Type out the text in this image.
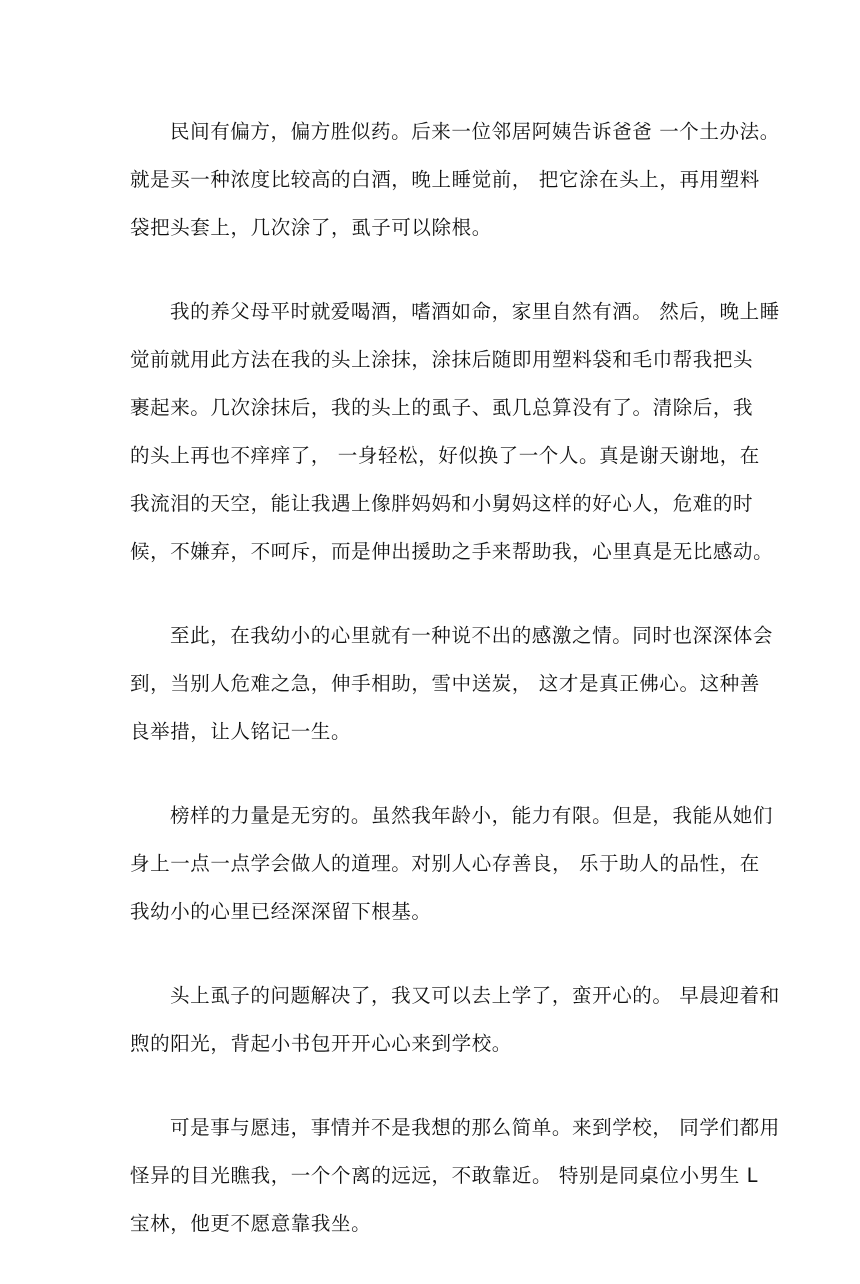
民间有偏方，偏方胜似药。后来一位邻居阿姨告诉爸爸 一个土办法。
就是买一种浓度比较高的白酒，晚上睡觉前， 把它涂在头上，再用塑料
袋把头套上，几次涂了，虱子可以除根。

我的养父母平时就爱喝酒，嗜酒如命，家里自然有酒。 然后，晚上睡
觉前就用此方法在我的头上涂抹，涂抹后随即用塑料袋和毛巾帮我把头
裹起来。几次涂抹后，我的头上的虱子、虱几总算没有了。清除后，我
的头上再也不痒痒了， 一身轻松，好似换了一个人。真是谢天谢地，在
我流泪的天空，能让我遇上像胖妈妈和小舅妈这样的好心人，危难的时
候，不嫌弃，不呵斥，而是伸出援助之手来帮助我，心里真是无比感动。

至此，在我幼小的心里就有一种说不出的感激之情。同时也深深体会
到，当别人危难之急，伸手相助，雪中送炭， 这才是真正佛心。这种善
良举措，让人铭记一生。

榜样的力量是无穷的。虽然我年龄小，能力有限。但是，我能从她们
身上一点一点学会做人的道理。对别人心存善良， 乐于助人的品性，在
我幼小的心里已经深深留下根基。

头上虱子的问题解决了，我又可以去上学了，蛮开心的。 早晨迎着和
煦的阳光，背起小书包开开心心来到学校。

可是事与愿违，事情并不是我想的那么简单。来到学校， 同学们都用
怪异的目光瞧我，一个个离的远远，不敢靠近。 特别是同桌位小男生 L
宝林，他更不愿意靠我坐。
